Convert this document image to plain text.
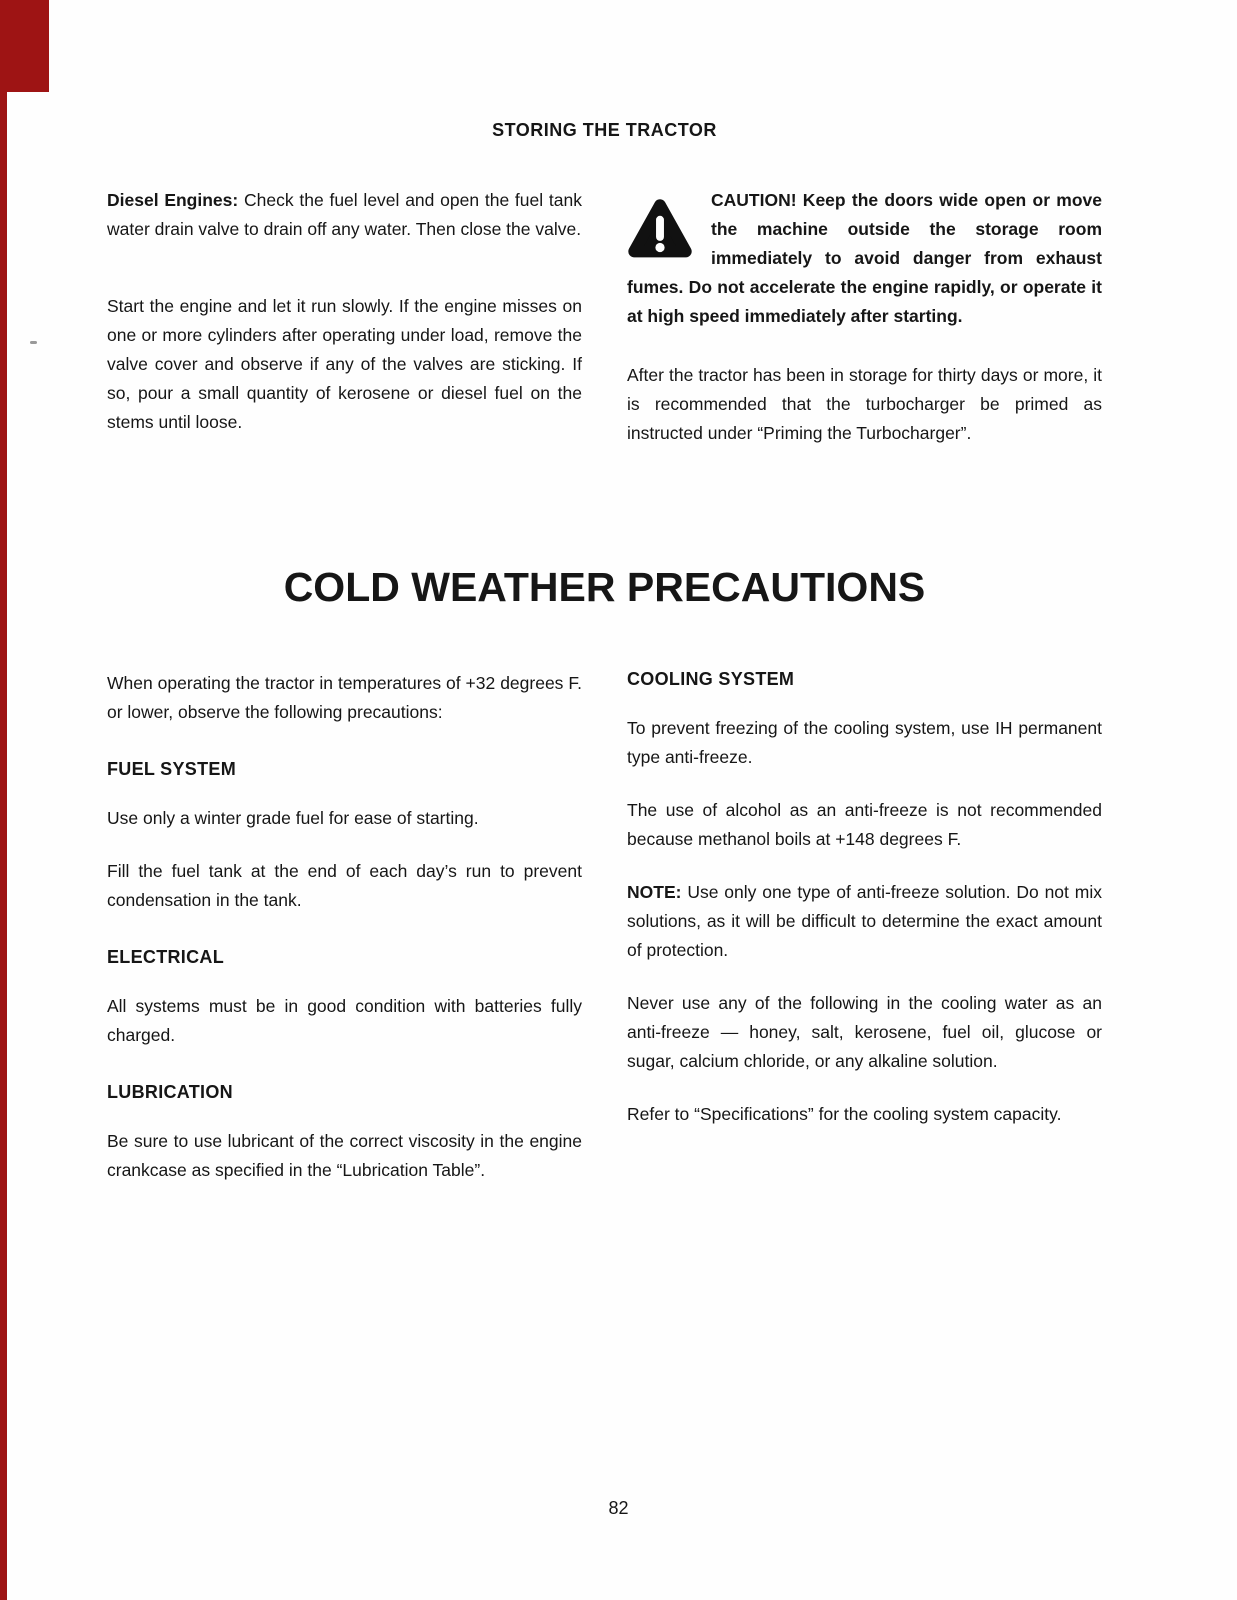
STORING THE TRACTOR

Diesel Engines: Check the fuel level and open the fuel tank water drain valve to drain off any water. Then close the valve.

Start the engine and let it run slowly. If the engine misses on one or more cylinders after operating under load, remove the valve cover and observe if any of the valves are sticking. If so, pour a small quantity of kerosene or diesel fuel on the stems until loose.

CAUTION! Keep the doors wide open or move the machine outside the storage room immediately to avoid danger from exhaust fumes. Do not accelerate the engine rapidly, or operate it at high speed immediately after starting.

After the tractor has been in storage for thirty days or more, it is recommended that the turbocharger be primed as instructed under “Priming the Turbocharger”.

COLD WEATHER PRECAUTIONS

When operating the tractor in temperatures of +32 degrees F. or lower, observe the following precautions:

FUEL SYSTEM

Use only a winter grade fuel for ease of starting.

Fill the fuel tank at the end of each day’s run to prevent condensation in the tank.

ELECTRICAL

All systems must be in good condition with batteries fully charged.

LUBRICATION

Be sure to use lubricant of the correct viscosity in the engine crankcase as specified in the “Lubrication Table”.

COOLING SYSTEM

To prevent freezing of the cooling system, use IH permanent type anti-freeze.

The use of alcohol as an anti-freeze is not recommended because methanol boils at +148 degrees F.

NOTE: Use only one type of anti-freeze solution. Do not mix solutions, as it will be difficult to determine the exact amount of protection.

Never use any of the following in the cooling water as an anti-freeze — honey, salt, kerosene, fuel oil, glucose or sugar, calcium chloride, or any alkaline solution.

Refer to “Specifications” for the cooling system capacity.

82
